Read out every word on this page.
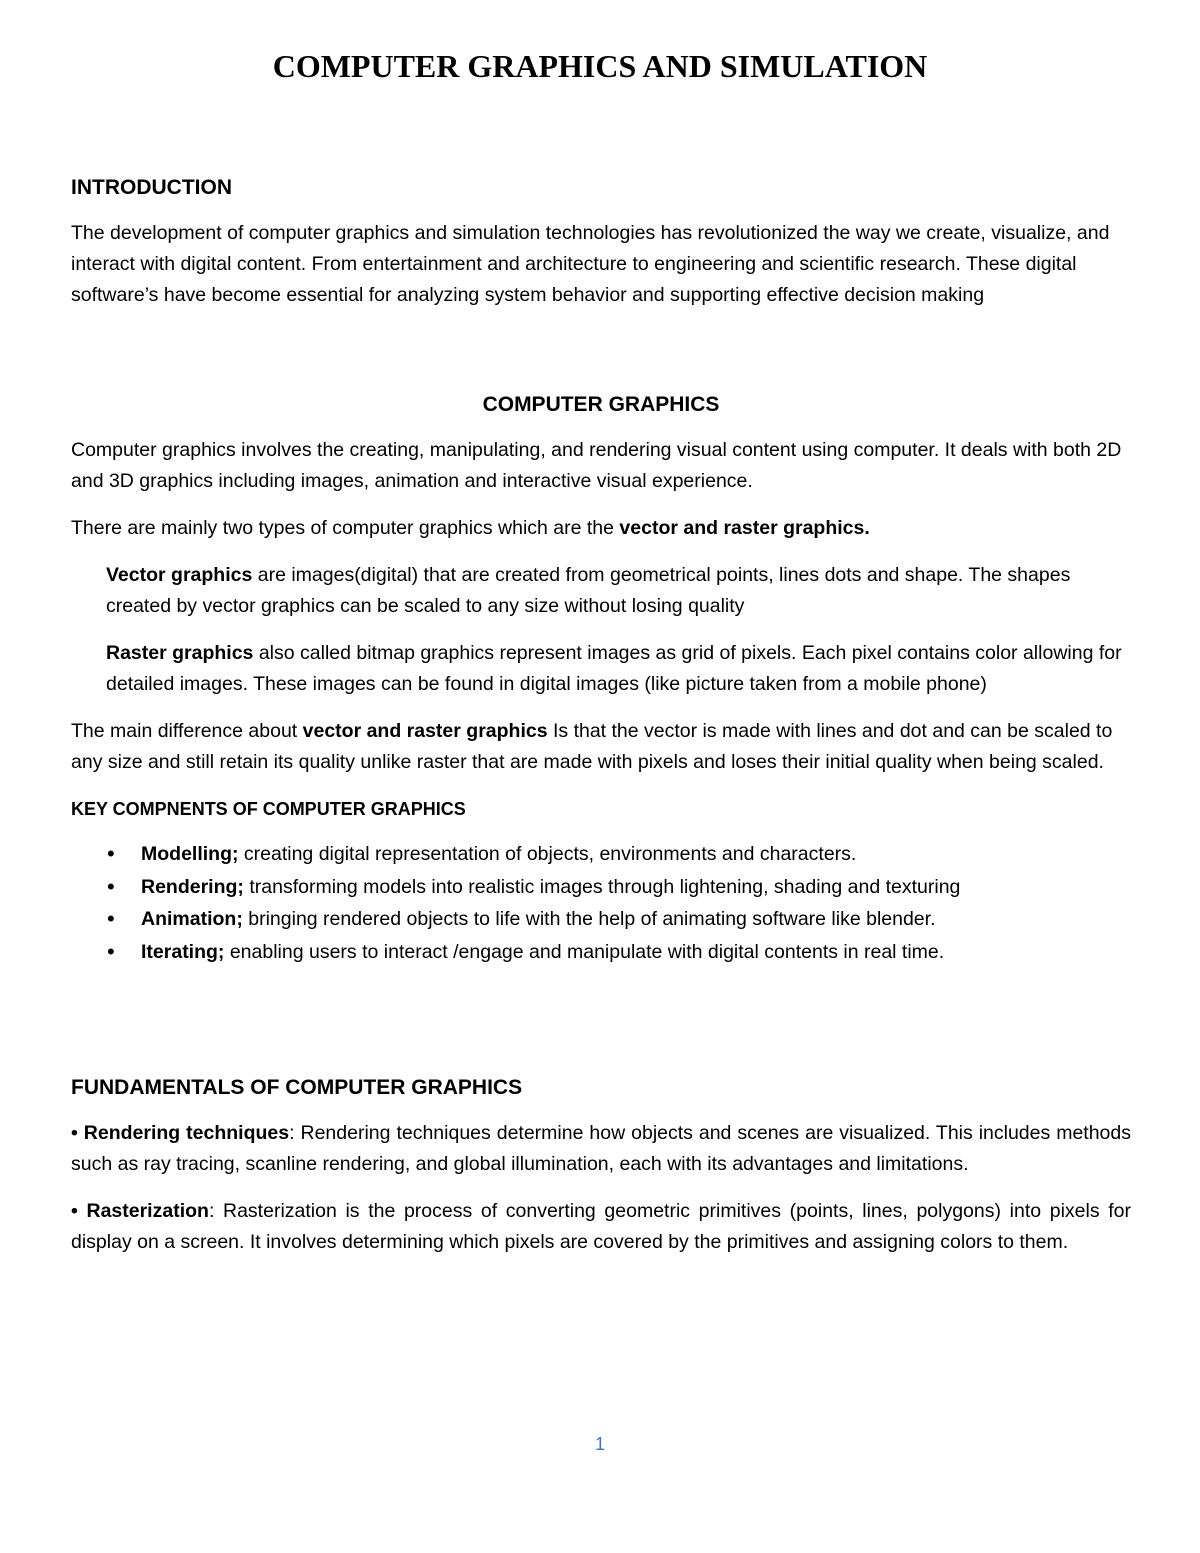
COMPUTER GRAPHICS AND SIMULATION
INTRODUCTION

The development of computer graphics and simulation technologies has revolutionized the way we create, visualize, and interact with digital content. From entertainment and architecture to engineering and scientific research. These digital software’s have become essential for analyzing system behavior and supporting effective decision making

COMPUTER GRAPHICS

Computer graphics involves the creating, manipulating, and rendering visual content using computer. It deals with both 2D and 3D graphics including images, animation and interactive visual experience.

There are mainly two types of computer graphics which are the vector and raster graphics.

Vector graphics are images(digital) that are created from geometrical points, lines dots and shape. The shapes created by vector graphics can be scaled to any size without losing quality

Raster graphics also called bitmap graphics represent images as grid of pixels. Each pixel contains color allowing for detailed images. These images can be found in digital images (like picture taken from a mobile phone)

The main difference about vector and raster graphics Is that the vector is made with lines and dot and can be scaled to any size and still retain its quality unlike raster that are made with pixels and loses their initial quality when being scaled.

KEY COMPNENTS OF COMPUTER GRAPHICS
• Modelling; creating digital representation of objects, environments and characters.
• Rendering; transforming models into realistic images through lightening, shading and texturing
• Animation; bringing rendered objects to life with the help of animating software like blender.
• Iterating; enabling users to interact /engage and manipulate with digital contents in real time.
FUNDAMENTALS OF COMPUTER GRAPHICS

• Rendering techniques: Rendering techniques determine how objects and scenes are visualized. This includes methods such as ray tracing, scanline rendering, and global illumination, each with its advantages and limitations.

• Rasterization: Rasterization is the process of converting geometric primitives (points, lines, polygons) into pixels for display on a screen. It involves determining which pixels are covered by the primitives and assigning colors to them.

1
